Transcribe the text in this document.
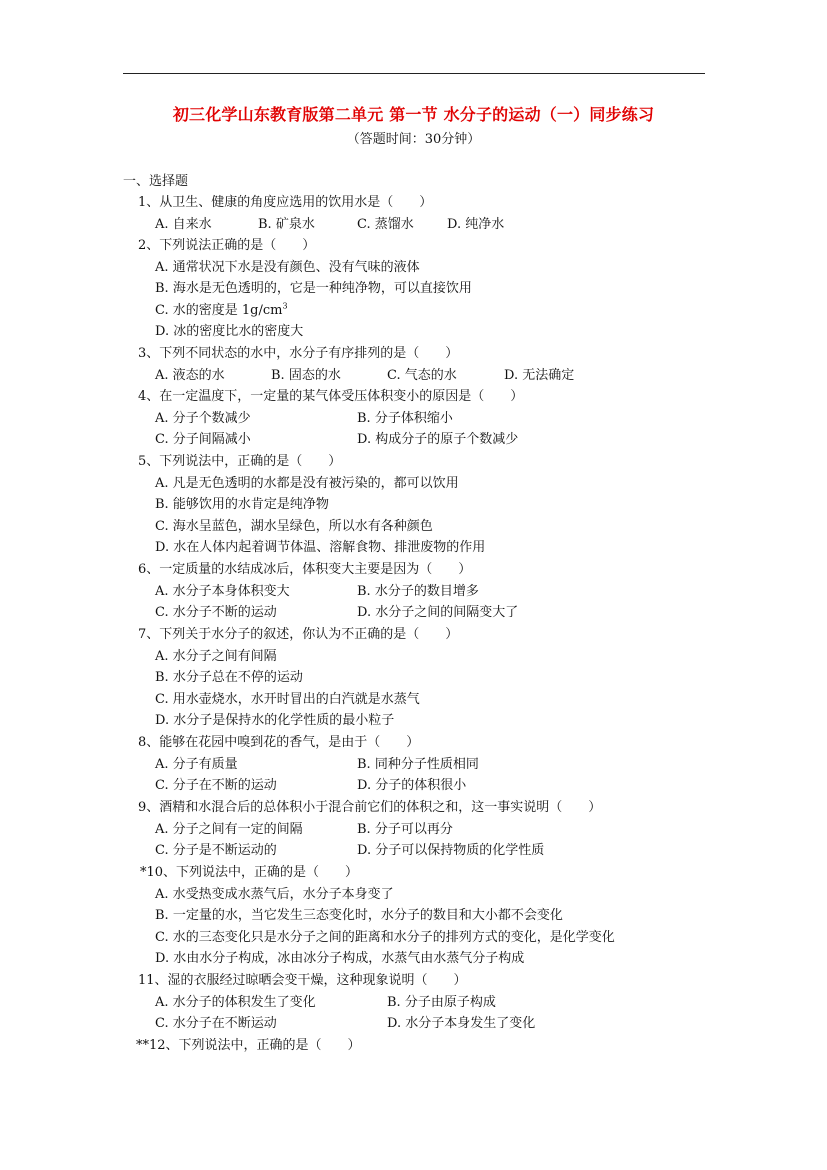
初三化学山东教育版第二单元 第一节 水分子的运动（一）同步练习
（答题时间：30分钟）
一、选择题
1、从卫生、健康的角度应选用的饮用水是（　　）
A. 自来水	B. 矿泉水	C. 蒸馏水	D. 纯净水
2、下列说法正确的是（　　）
A. 通常状况下水是没有颜色、没有气味的液体
B. 海水是无色透明的，它是一种纯净物，可以直接饮用
C. 水的密度是 $1g/cm^3$
D. 冰的密度比水的密度大
3、下列不同状态的水中，水分子有序排列的是（　　）
A. 液态的水	B. 固态的水	C. 气态的水	D. 无法确定
4、在一定温度下，一定量的某气体受压体积变小的原因是（　　）
A. 分子个数减少	B. 分子体积缩小
C. 分子间隔减小	D. 构成分子的原子个数减少
5、下列说法中，正确的是（　　）
A. 凡是无色透明的水都是没有被污染的，都可以饮用
B. 能够饮用的水肯定是纯净物
C. 海水呈蓝色，湖水呈绿色，所以水有各种颜色
D. 水在人体内起着调节体温、溶解食物、排泄废物的作用
6、一定质量的水结成冰后，体积变大主要是因为（　　）
A. 水分子本身体积变大	B. 水分子的数目增多
C. 水分子不断的运动	D. 水分子之间的间隔变大了
7、下列关于水分子的叙述，你认为不正确的是（　　）
A. 水分子之间有间隔
B. 水分子总在不停的运动
C. 用水壶烧水，水开时冒出的白汽就是水蒸气
D. 水分子是保持水的化学性质的最小粒子
8、能够在花园中嗅到花的香气，是由于（　　）
A. 分子有质量	B. 同种分子性质相同
C. 分子在不断的运动	D. 分子的体积很小
9、酒精和水混合后的总体积小于混合前它们的体积之和，这一事实说明（　　）
A. 分子之间有一定的间隔	B. 分子可以再分
C. 分子是不断运动的	D. 分子可以保持物质的化学性质
*10、下列说法中，正确的是（　　）
A. 水受热变成水蒸气后，水分子本身变了
B. 一定量的水，当它发生三态变化时，水分子的数目和大小都不会变化
C. 水的三态变化只是水分子之间的距离和水分子的排列方式的变化，是化学变化
D. 水由水分子构成，冰由冰分子构成，水蒸气由水蒸气分子构成
11、湿的衣服经过晾晒会变干燥，这种现象说明（　　）
A. 水分子的体积发生了变化	B. 分子由原子构成
C. 水分子在不断运动	D. 水分子本身发生了变化
**12、下列说法中，正确的是（　　）
